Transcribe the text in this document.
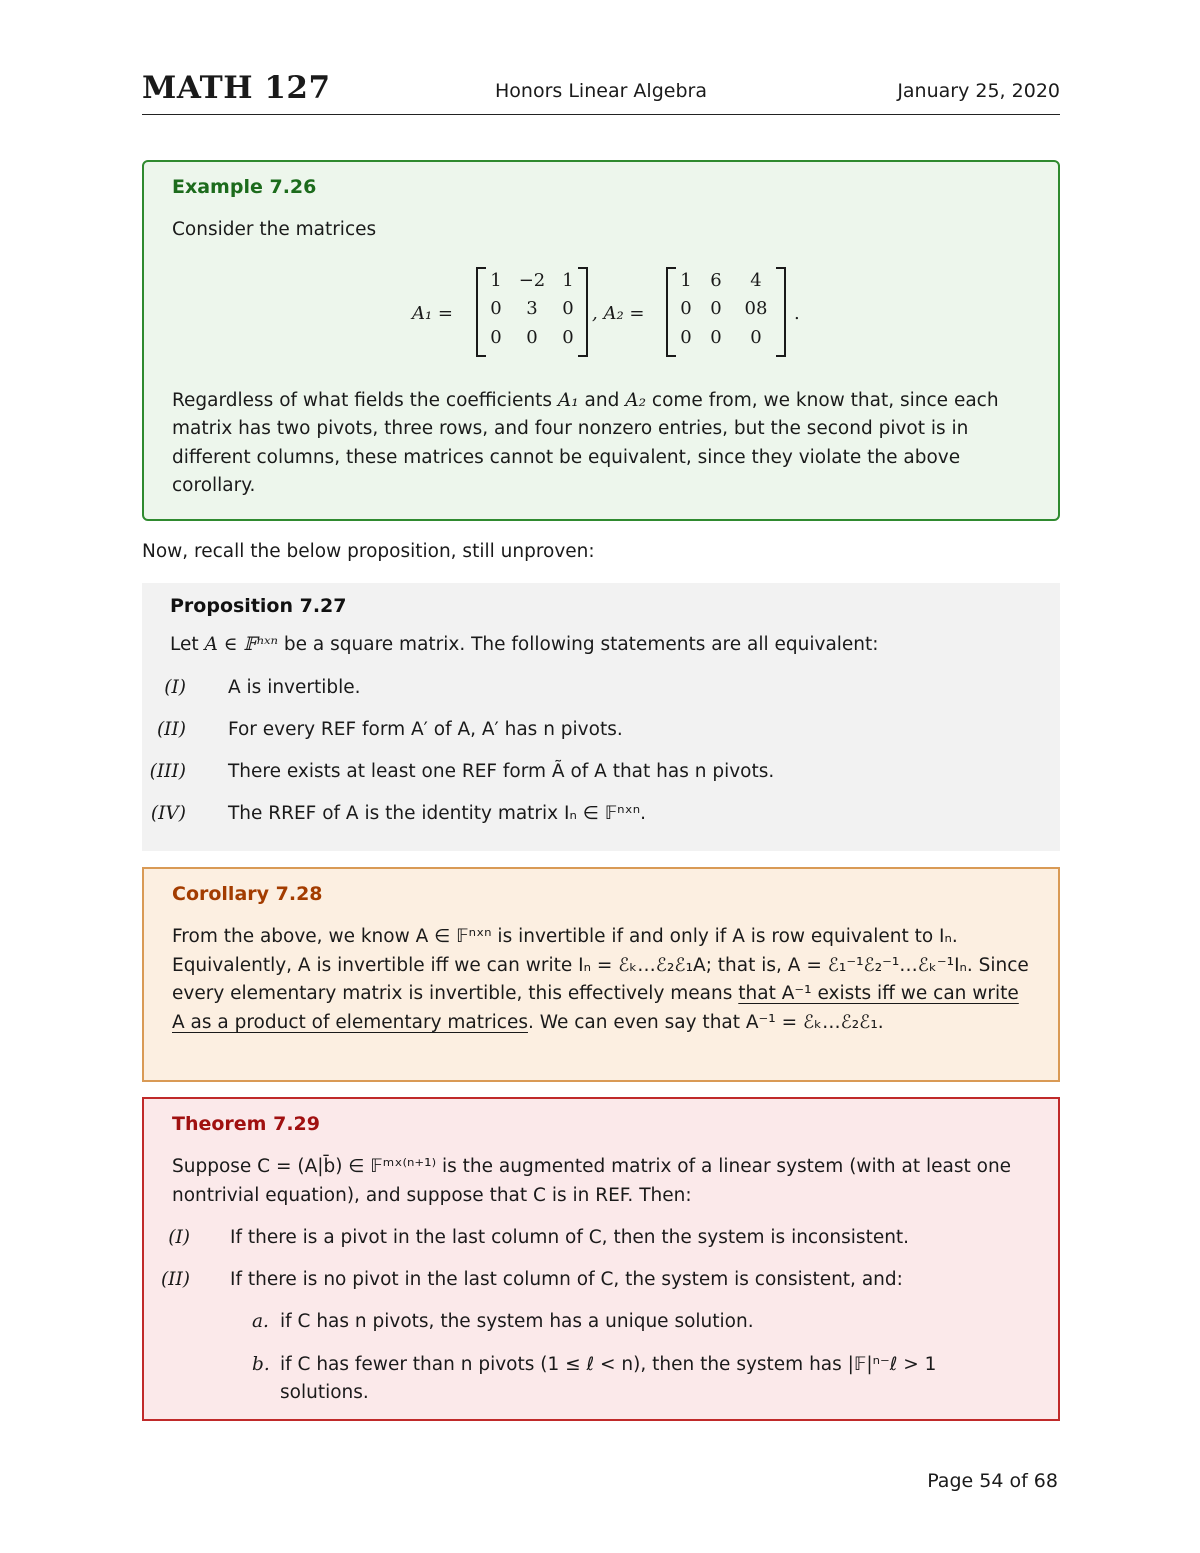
MATH 127	Honors Linear Algebra	January 25, 2020
Example 7.26

Consider the matrices

A₁ =
1 −2 1
0	3	0
0	0	0
, A₂ =
1	6	4
0	0	08
0	0	0
.

Regardless of what fields the coefficients A₁ and A₂ come from, we know that, since each matrix has two pivots, three rows, and four nonzero entries, but the second pivot is in different columns, these matrices cannot be equivalent, since they violate the above corollary.

Now, recall the below proposition, still unproven:
Proposition 7.27

Let A ∈ 𝔽ⁿˣⁿ be a square matrix. The following statements are all equivalent:

(I) A is invertible.
(II) For every REF form A′ of A, A′ has n pivots.
(III) There exists at least one REF form Ã of A that has n pivots.
(IV) The RREF of A is the identity matrix Iₙ ∈ 𝔽ⁿˣⁿ.
Corollary 7.28

From the above, we know A ∈ 𝔽ⁿˣⁿ is invertible if and only if A is row equivalent to Iₙ. Equivalently, A is invertible iff we can write Iₙ = ℰₖ…ℰ₂ℰ₁A; that is, A = ℰ₁⁻¹ℰ₂⁻¹…ℰₖ⁻¹Iₙ. Since every elementary matrix is invertible, this effectively means that A⁻¹ exists iff we can write A as a product of elementary matrices. We can even say that A⁻¹ = ℰₖ…ℰ₂ℰ₁.

Theorem 7.29

Suppose C = (A|b̄) ∈ 𝔽ᵐˣ⁽ⁿ⁺¹⁾ is the augmented matrix of a linear system (with at least one nontrivial equation), and suppose that C is in REF. Then:

(I) If there is a pivot in the last column of C, then the system is inconsistent.
(II) If there is no pivot in the last column of C, the system is consistent, and:
a. if C has n pivots, the system has a unique solution.
b. if C has fewer than n pivots (1 ≤ ℓ < n), then the system has |𝔽|ⁿ⁻ℓ > 1 solutions.
Page 54 of 68
